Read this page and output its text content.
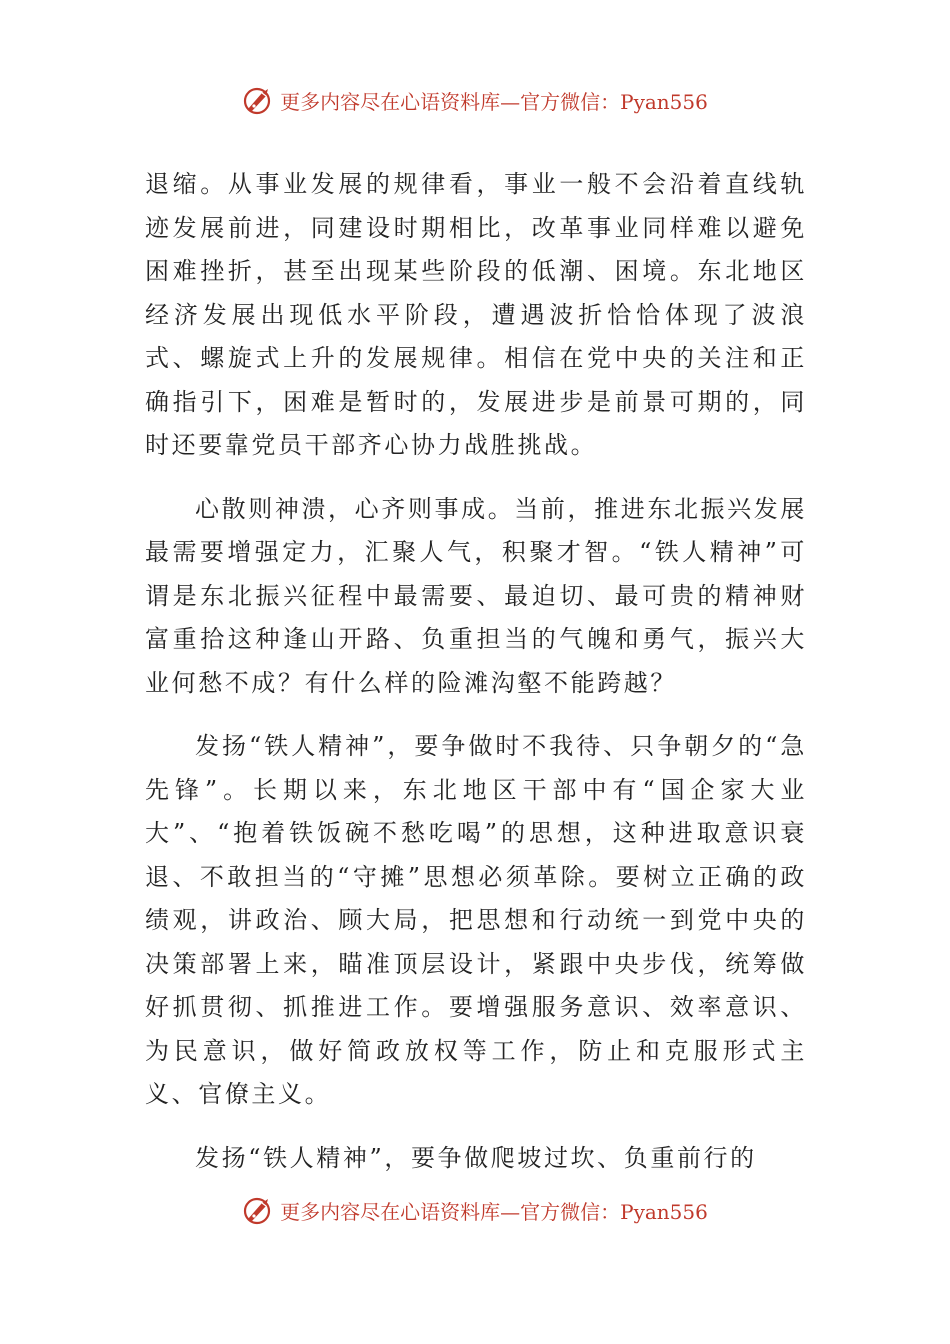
更多内容尽在心语资料库—官方微信：Pyan556

退缩。从事业发展的规律看，事业一般不会沿着直线轨迹发展前进，同建设时期相比，改革事业同样难以避免困难挫折，甚至出现某些阶段的低潮、困境。东北地区经济发展出现低水平阶段，遭遇波折恰恰体现了波浪式、螺旋式上升的发展规律。相信在党中央的关注和正确指引下，困难是暂时的，发展进步是前景可期的，同时还要靠党员干部齐心协力战胜挑战。

心散则神溃，心齐则事成。当前，推进东北振兴发展最需要增强定力，汇聚人气，积聚才智。“铁人精神”可谓是东北振兴征程中最需要、最迫切、最可贵的精神财富重拾这种逢山开路、负重担当的气魄和勇气，振兴大业何愁不成？有什么样的险滩沟壑不能跨越？

发扬“铁人精神”，要争做时不我待、只争朝夕的“急先锋”。长期以来，东北地区干部中有“国企家大业大”、“抱着铁饭碗不愁吃喝”的思想，这种进取意识衰退、不敢担当的“守摊”思想必须革除。要树立正确的政绩观，讲政治、顾大局，把思想和行动统一到党中央的决策部署上来，瞄准顶层设计，紧跟中央步伐，统筹做好抓贯彻、抓推进工作。要增强服务意识、效率意识、为民意识，做好简政放权等工作，防止和克服形式主义、官僚主义。

发扬“铁人精神”，要争做爬坡过坎、负重前行的

更多内容尽在心语资料库—官方微信：Pyan556
